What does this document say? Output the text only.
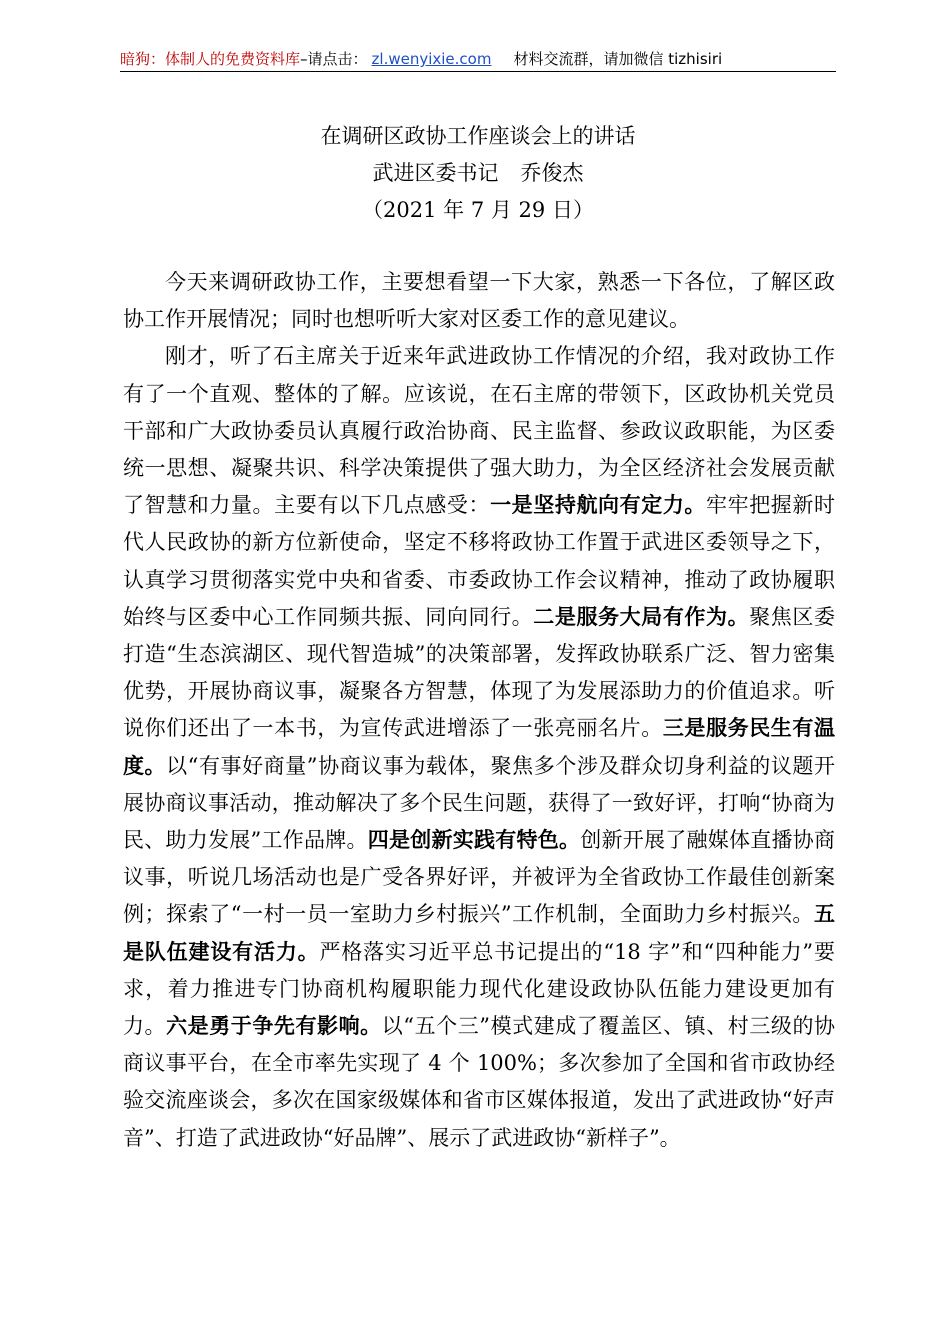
暗狗：体制人的免费资料库 –请点击： zl.wenyixie.com 材料交流群，请加微信 tizhisiri
在调研区政协工作座谈会上的讲话
武进区委书记 乔俊杰
（2021 年 7 月 29 日）

今天来调研政协工作，主要想看望一下大家，熟悉一下各位，了解区政协工作开展情况；同时也想听听大家对区委工作的意见建议。

刚才，听了石主席关于近来年武进政协工作情况的介绍，我对政协工作有了一个直观、整体的了解。应该说，在石主席的带领下，区政协机关党员干部和广大政协委员认真履行政治协商、民主监督、参政议政职能，为区委统一思想、凝聚共识、科学决策提供了强大助力，为全区经济社会发展贡献了智慧和力量。主要有以下几点感受：一是坚持航向有定力。牢牢把握新时代人民政协的新方位新使命，坚定不移将政协工作置于武进区委领导之下，认真学习贯彻落实党中央和省委、市委政协工作会议精神，推动了政协履职始终与区委中心工作同频共振、同向同行。二是服务大局有作为。聚焦区委打造“生态滨湖区、现代智造城”的决策部署，发挥政协联系广泛、智力密集优势，开展协商议事，凝聚各方智慧，体现了为发展添助力的价值追求。听说你们还出了一本书，为宣传武进增添了一张亮丽名片。三是服务民生有温度。以“有事好商量”协商议事为载体，聚焦多个涉及群众切身利益的议题开展协商议事活动，推动解决了多个民生问题，获得了一致好评，打响“协商为民、助力发展”工作品牌。四是创新实践有特色。创新开展了融媒体直播协商议事，听说几场活动也是广受各界好评，并被评为全省政协工作最佳创新案例；探索了“一村一员一室助力乡村振兴”工作机制，全面助力乡村振兴。五是队伍建设有活力。严格落实习近平总书记提出的“18 字”和“四种能力”要求，着力推进专门协商机构履职能力现代化建设政协队伍能力建设更加有力。六是勇于争先有影响。以“五个三”模式建成了覆盖区、镇、村三级的协商议事平台，在全市率先实现了 4 个 100%；多次参加了全国和省市政协经验交流座谈会，多次在国家级媒体和省市区媒体报道，发出了武进政协“好声音”、打造了武进政协“好品牌”、展示了武进政协“新样子”。
